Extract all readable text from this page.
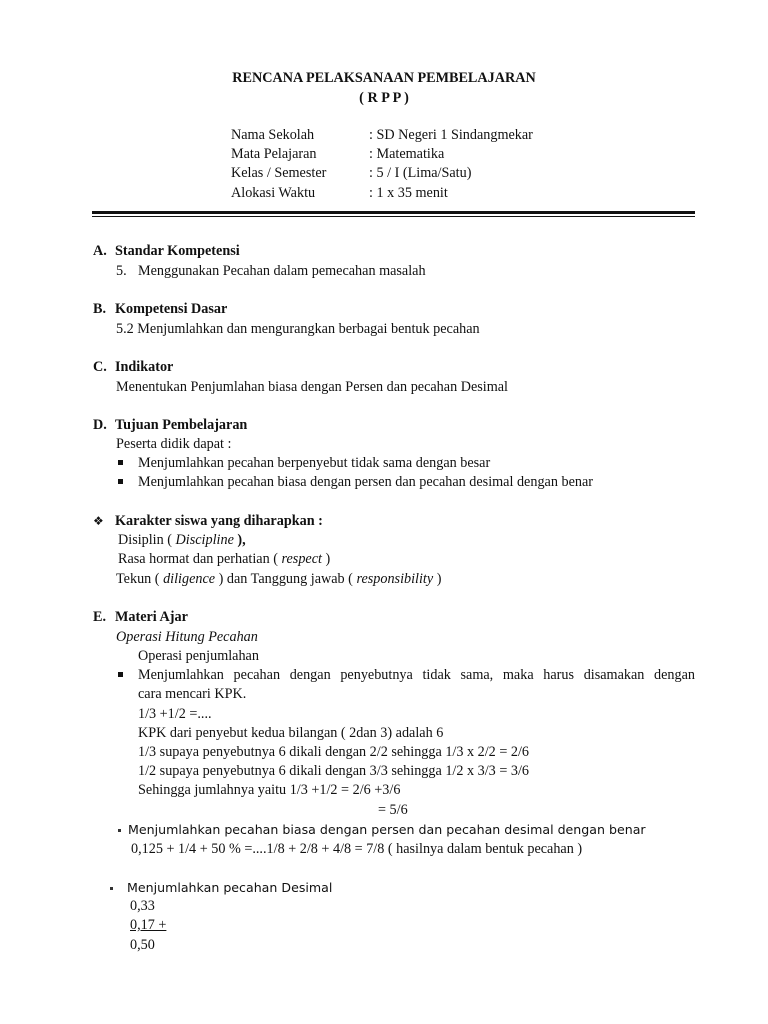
RENCANA PELAKSANAAN PEMBELAJARAN
( R P P )
Nama Sekolah	: SD Negeri 1 Sindangmekar
Mata Pelajaran	: Matematika
Kelas / Semester	: 5 / I (Lima/Satu)
Alokasi Waktu	: 1 x 35 menit
A. Standar Kompetensi
5. Menggunakan Pecahan dalam pemecahan masalah
B. Kompetensi Dasar
5.2 Menjumlahkan dan mengurangkan berbagai bentuk pecahan
C. Indikator
Menentukan Penjumlahan biasa dengan Persen dan pecahan Desimal
D. Tujuan Pembelajaran
Peserta didik dapat :
Menjumlahkan pecahan berpenyebut tidak sama dengan besar
Menjumlahkan pecahan biasa dengan persen dan pecahan desimal dengan benar
❖ Karakter siswa yang diharapkan :
Disiplin ( Discipline ),
Rasa hormat dan perhatian ( respect )
Tekun ( diligence ) dan Tanggung jawab ( responsibility )
E. Materi Ajar
Operasi Hitung Pecahan
Operasi penjumlahan
Menjumlahkan pecahan dengan penyebutnya tidak sama, maka harus disamakan dengan
cara mencari KPK.
1/3 +1/2 =....
KPK dari penyebut kedua bilangan ( 2dan 3) adalah 6
1/3 supaya penyebutnya 6 dikali dengan 2/2 sehingga 1/3 x 2/2 = 2/6
1/2 supaya penyebutnya 6 dikali dengan 3/3 sehingga 1/2 x 3/3 = 3/6
Sehingga jumlahnya yaitu 1/3 +1/2 = 2/6 +3/6
= 5/6
Menjumlahkan pecahan biasa dengan persen dan pecahan desimal dengan benar
0,125 + 1/4 + 50 % =....1/8 + 2/8 + 4/8 = 7/8 ( hasilnya dalam bentuk pecahan )
Menjumlahkan pecahan Desimal
0,33
0,17 +
0,50
